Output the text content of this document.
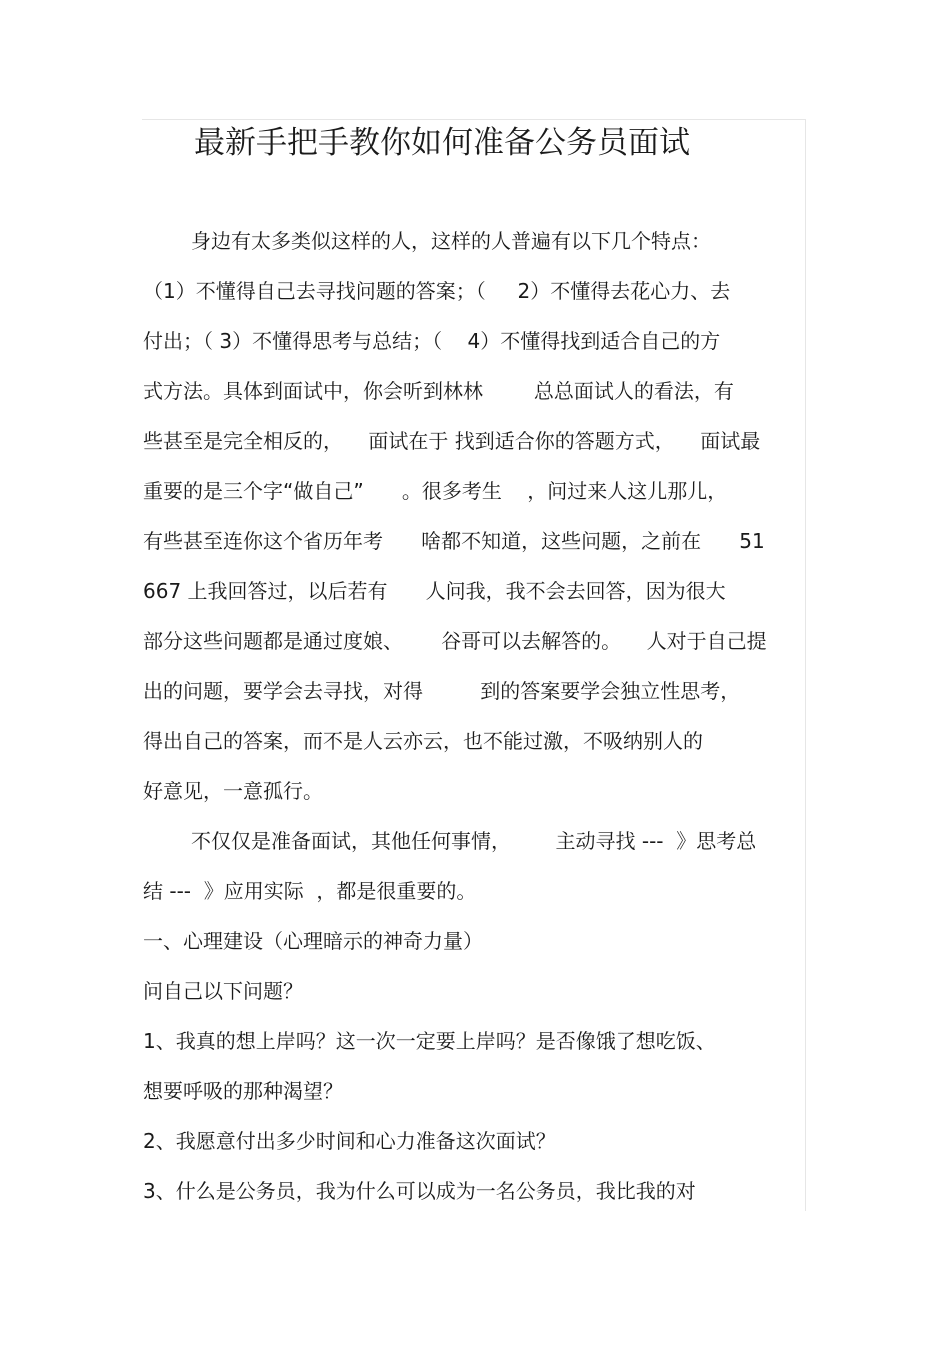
最新手把手教你如何准备公务员面试
身边有太多类似这样的人，这样的人普遍有以下几个特点：
（1）不懂得自己去寻找问题的答案；（     2）不懂得去花心力、去
付出；（ 3）不懂得思考与总结；（    4）不懂得找到适合自己的方
式方法。具体到面试中，你会听到林林        总总面试人的看法，有
些甚至是完全相反的，    面试在于 找到适合你的答题方式，    面试最
重要的是三个字“做自己”      。很多考生    ，问过来人这儿那儿，
有些甚至连你这个省历年考      啥都不知道，这些问题，之前在      51
667 上我回答过，以后若有      人问我，我不会去回答，因为很大
部分这些问题都是通过度娘、      谷哥可以去解答的。    人对于自己提
出的问题，要学会去寻找，对得         到的答案要学会独立性思考，
得出自己的答案，而不是人云亦云，也不能过激，不吸纳别人的
好意见，一意孤行。
不仅仅是准备面试，其他任何事情，       主动寻找 ---  》思考总
结 ---  》应用实际  ，都是很重要的。
一、心理建设（心理暗示的神奇力量）
问自己以下问题？
1、我真的想上岸吗？这一次一定要上岸吗？是否像饿了想吃饭、
想要呼吸的那种渴望？
2、我愿意付出多少时间和心力准备这次面试？
3、什么是公务员，我为什么可以成为一名公务员，我比我的对
